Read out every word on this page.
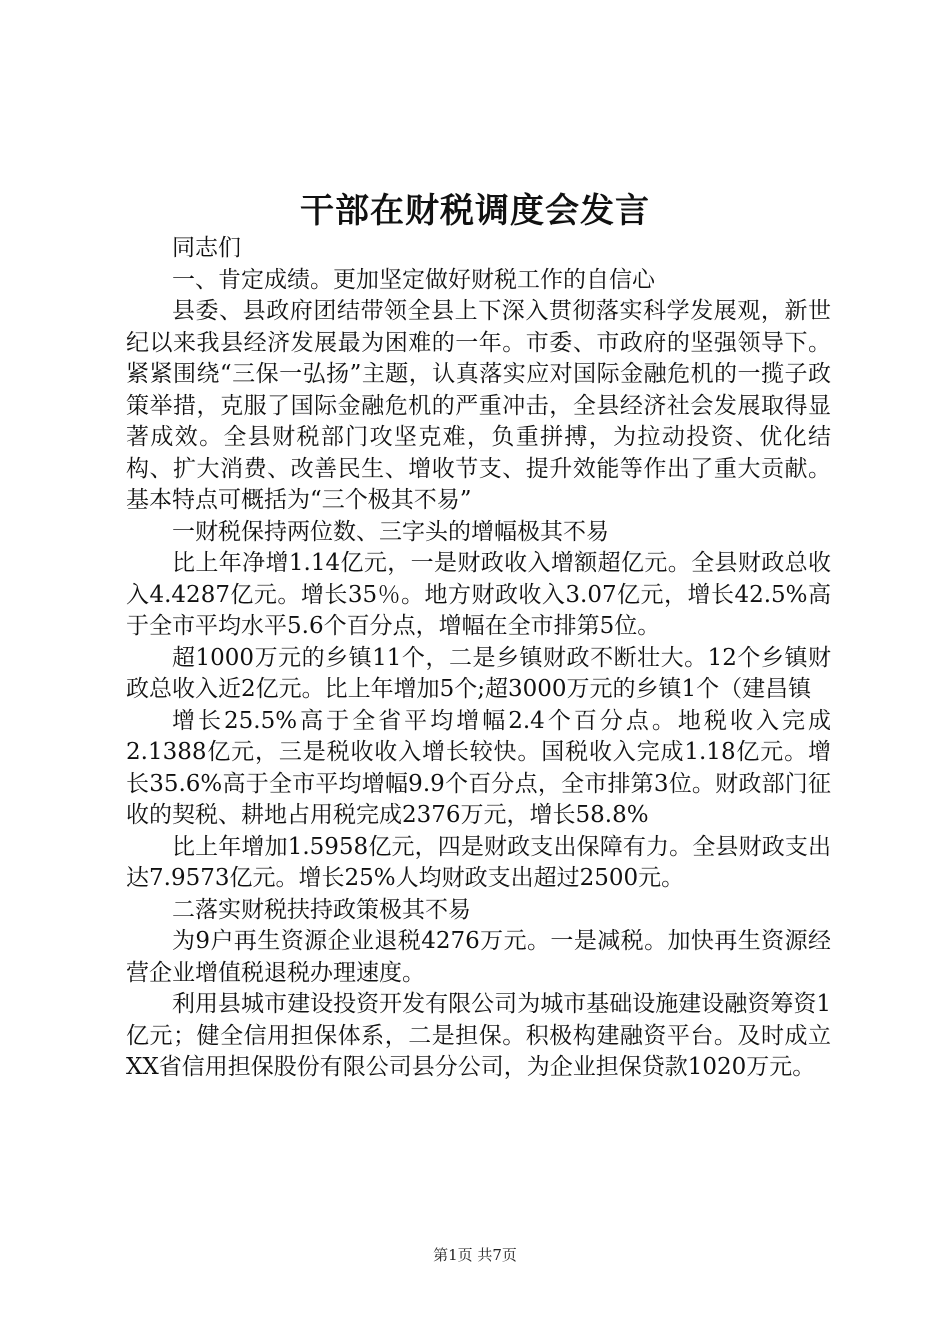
干部在财税调度会发言

同志们

一、肯定成绩。更加坚定做好财税工作的自信心

县委、县政府团结带领全县上下深入贯彻落实科学发展观，新世纪以来我县经济发展最为困难的一年。市委、市政府的坚强领导下。紧紧围绕“三保一弘扬”主题，认真落实应对国际金融危机的一揽子政策举措，克服了国际金融危机的严重冲击，全县经济社会发展取得显著成效。全县财税部门攻坚克难，负重拼搏，为拉动投资、优化结构、扩大消费、改善民生、增收节支、提升效能等作出了重大贡献。基本特点可概括为“三个极其不易”

一财税保持两位数、三字头的增幅极其不易

比上年净增1.14亿元，一是财政收入增额超亿元。全县财政总收入4.4287亿元。增长35％。地方财政收入3.07亿元，增长42.5%高于全市平均水平5.6个百分点，增幅在全市排第5位。

超1000万元的乡镇11个，二是乡镇财政不断壮大。12个乡镇财政总收入近2亿元。比上年增加5个;超3000万元的乡镇1个（建昌镇

增长25.5%高于全省平均增幅2.4个百分点。地税收入完成2.1388亿元，三是税收收入增长较快。国税收入完成1.18亿元。增长35.6%高于全市平均增幅9.9个百分点，全市排第3位。财政部门征收的契税、耕地占用税完成2376万元，增长58.8%

比上年增加1.5958亿元，四是财政支出保障有力。全县财政支出达7.9573亿元。增长25%人均财政支出超过2500元。

二落实财税扶持政策极其不易

为9户再生资源企业退税4276万元。一是减税。加快再生资源经营企业增值税退税办理速度。

利用县城市建设投资开发有限公司为城市基础设施建设融资筹资1亿元；健全信用担保体系，二是担保。积极构建融资平台。及时成立XX省信用担保股份有限公司县分公司，为企业担保贷款1020万元。

第1页 共7页
